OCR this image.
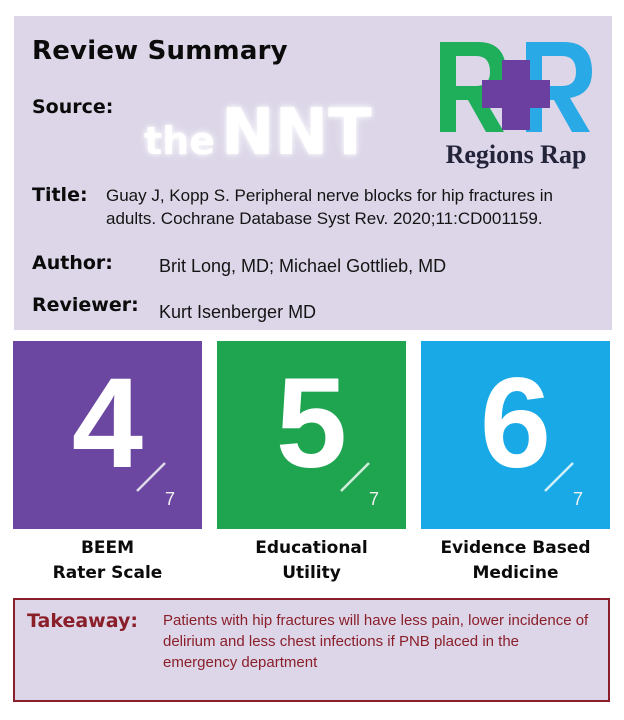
Review Summary
Source:
theNNT	Regions Rap
Title: Guay J, Kopp S. Peripheral nerve blocks for hip fractures in adults. Cochrane Database Syst Rev. 2020;11:CD001159.
Author:	Brit Long, MD; Michael Gottlieb, MD
Reviewer: Kurt Isenberger MD
4
7
5
7
6
7
BEEM
Rater Scale
Educational
Utility
Evidence Based
Medicine
Takeaway: Patients with hip fractures will have less pain, lower incidence of delirium and less chest infections if PNB placed in the emergency department
